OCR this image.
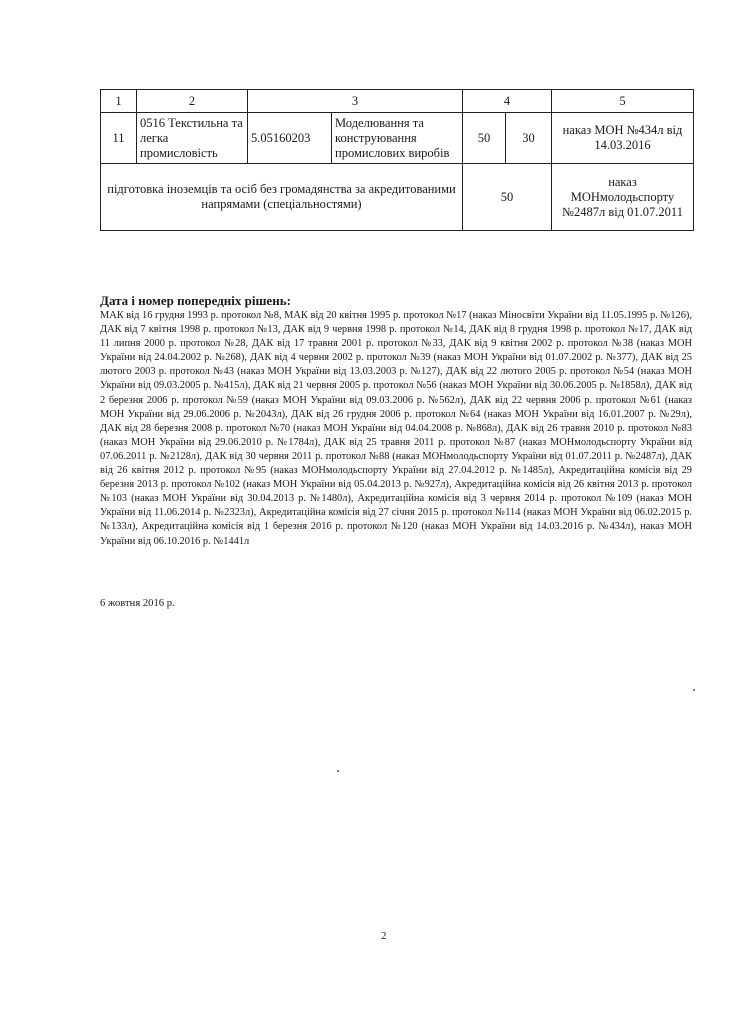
1	2	3		4		5
11	0516 Текстильна та легка промисловість	5.05160203	Моделювання та конструювання промислових виробів	50	30	наказ МОН №434л від 14.03.2016
підготовка іноземців та осіб без громадянства за акредитованими напрямами (спеціальностями)				50		наказ МОНмолодьспорту №2487л від 01.07.2011
Дата і номер попередніх рішень:
МАК від 16 грудня 1993 р. протокол №8, МАК від 20 квітня 1995 р. протокол №17 (наказ Міносвіти України від 11.05.1995 р. №126), ДАК від 7 квітня 1998 р. протокол №13, ДАК від 9 червня 1998 р. протокол №14, ДАК від 8 грудня 1998 р. протокол №17, ДАК від 11 липня 2000 р. протокол №28, ДАК від 17 травня 2001 р. протокол №33, ДАК від 9 квітня 2002 р. протокол №38 (наказ МОН України від 24.04.2002 р. №268), ДАК від 4 червня 2002 р. протокол №39 (наказ МОН України від 01.07.2002 р. №377), ДАК від 25 лютого 2003 р. протокол №43 (наказ МОН України від 13.03.2003 р. №127), ДАК від 22 лютого 2005 р. протокол №54 (наказ МОН України від 09.03.2005 р. №415л), ДАК від 21 червня 2005 р. протокол №56 (наказ МОН України від 30.06.2005 р. №1858л), ДАК від 2 березня 2006 р. протокол №59 (наказ МОН України від 09.03.2006 р. №562л), ДАК від 22 червня 2006 р. протокол №61 (наказ МОН України від 29.06.2006 р. №2043л), ДАК від 26 грудня 2006 р. протокол №64 (наказ МОН України від 16.01.2007 р. №29л), ДАК від 28 березня 2008 р. протокол №70 (наказ МОН України від 04.04.2008 р. №868л), ДАК від 26 травня 2010 р. протокол №83 (наказ МОН України від 29.06.2010 р. №1784л), ДАК від 25 травня 2011 р. протокол №87 (наказ МОНмолодьспорту України від 07.06.2011 р. №2128л), ДАК від 30 червня 2011 р. протокол №88 (наказ МОНмолодьспорту України від 01.07.2011 р. №2487л), ДАК від 26 квітня 2012 р. протокол №95 (наказ МОНмолодьспорту України від 27.04.2012 р. №1485л), Акредитаційна комісія від 29 березня 2013 р. протокол №102 (наказ МОН України від 05.04.2013 р. №927л), Акредитаційна комісія від 26 квітня 2013 р. протокол №103 (наказ МОН України від 30.04.2013 р. №1480л), Акредитаційна комісія від 3 червня 2014 р. протокол №109 (наказ МОН України від 11.06.2014 р. №2323л), Акредитаційна комісія від 27 січня 2015 р. протокол №114 (наказ МОН України від 06.02.2015 р. №133л), Акредитаційна комісія від 1 березня 2016 р. протокол №120 (наказ МОН України від 14.03.2016 р. №434л), наказ МОН України від 06.10.2016 р. №1441л
6 жовтня 2016 р.
2
